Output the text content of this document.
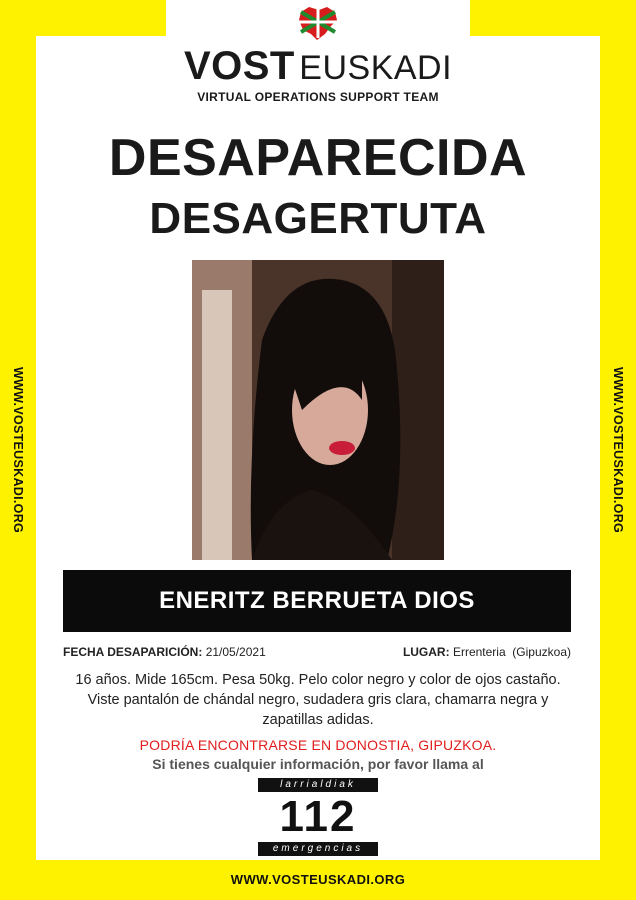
WWW.VOSTEUSKADI.ORG	WWW.VOSTEUSKADI.ORG
VOST EUSKADI
VIRTUAL OPERATIONS SUPPORT TEAM
DESAPARECIDA
DESAGERTUTA
ENERITZ BERRUETA DIOS
FECHA DESAPARICIÓN: 21/05/2021	LUGAR: Errenteria  (Gipuzkoa)
16 años. Mide 165cm. Pesa 50kg. Pelo color negro y color de ojos castaño. Viste pantalón de chándal negro, sudadera gris clara, chamarra negra y zapatillas adidas.
PODRÍA ENCONTRARSE EN DONOSTIA, GIPUZKOA.
Si tienes cualquier información, por favor llama al
larrialdiak
112
emergencias
WWW.VOSTEUSKADI.ORG
